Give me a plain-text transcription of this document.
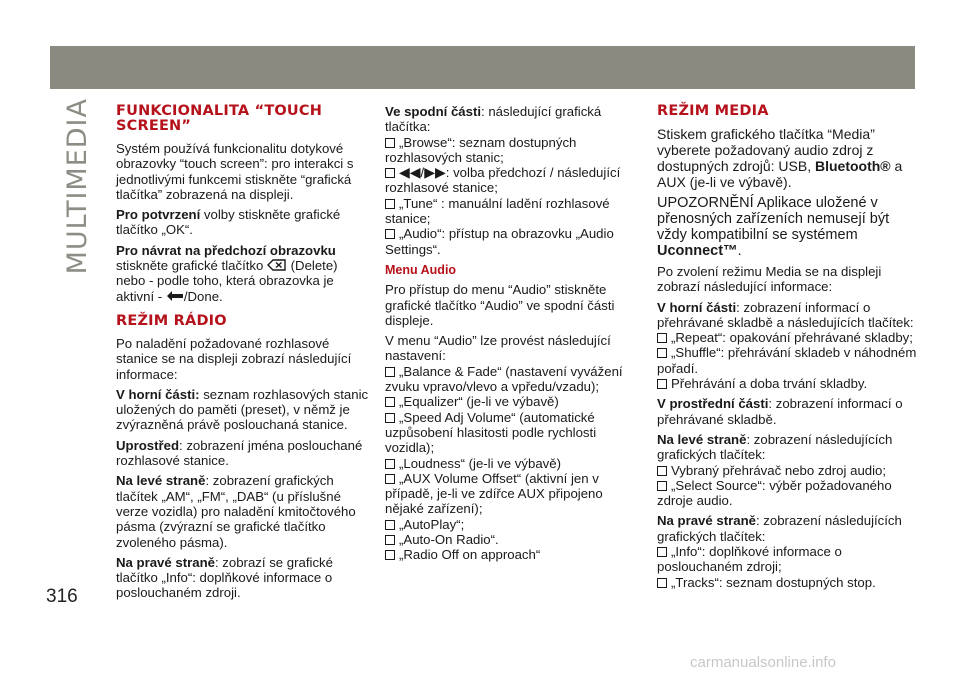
MULTIMEDIA FUNKCIONALITA “TOUCH SCREEN”

Systém používá funkcionalitu dotykové obrazovky “touch screen”: pro interakci s jednotlivými funkcemi stiskněte “grafická tlačítka” zobrazená na displeji.

Pro potvrzení volby stiskněte grafické tlačítko „OK“.

Pro návrat na předchozí obrazovku stiskněte grafické tlačítko  (Delete) nebo - podle toho, která obrazovka je aktivní - /Done.

REŽIM RÁDIO

Po naladění požadované rozhlasové stanice se na displeji zobrazí následující informace:

V horní části: seznam rozhlasových stanic uložených do paměti (preset), v němž je zvýrazněná právě poslouchaná stanice.

Uprostřed: zobrazení jména poslouchané rozhlasové stanice.

Na levé straně: zobrazení grafických tlačítek „AM“, „FM“, „DAB“ (u příslušné verze vozidla) pro naladění kmitočtového pásma (zvýrazní se grafické tlačítko zvoleného pásma).

Na pravé straně: zobrazí se grafické tlačítko „Info“: doplňkové informace o poslouchaném zdroji.

Ve spodní části: následující grafická tlačítka:

„Browse“: seznam dostupných rozhlasových stanic;
◀◀/▶▶: volba předchozí / následující rozhlasové stanice;
„Tune“ : manuální ladění rozhlasové stanice;
„Audio“: přístup na obrazovku „Audio Settings“.
Menu Audio

Pro přístup do menu “Audio” stiskněte grafické tlačítko “Audio” ve spodní části displeje.

V menu “Audio” lze provést následující nastavení:

„Balance & Fade“ (nastavení vyvážení zvuku vpravo/vlevo a vpředu/vzadu);
„Equalizer“ (je-li ve výbavě)
„Speed Adj Volume“ (automatické uzpůsobení hlasitosti podle rychlosti vozidla);
„Loudness“ (je-li ve výbavě)
„AUX Volume Offset“ (aktivní jen v případě, je-li ve zdířce AUX připojeno nějaké zařízení);
„AutoPlay“;
„Auto-On Radio“.
„Radio Off on approach“
REŽIM MEDIA

Stiskem grafického tlačítka “Media” vyberete požadovaný audio zdroj z dostupných zdrojů: USB, Bluetooth® a AUX (je-li ve výbavě).

UPOZORNĚNÍ Aplikace uložené v přenosných zařízeních nemusejí být vždy kompatibilní se systémem Uconnect™.

Po zvolení režimu Media se na displeji zobrazí následující informace:

V horní části: zobrazení informací o přehrávané skladbě a následujících tlačítek:

„Repeat“: opakování přehrávané skladby;
„Shuffle“: přehrávání skladeb v náhodném pořadí.
Přehrávání a doba trvání skladby.

V prostřední části: zobrazení informací o přehrávané skladbě.

Na levé straně: zobrazení následujících grafických tlačítek:

Vybraný přehrávač nebo zdroj audio;
„Select Source“: výběr požadovaného zdroje audio.

Na pravé straně: zobrazení následujících grafických tlačítek:

„Info“: doplňkové informace o poslouchaném zdroji;
„Tracks“: seznam dostupných stop.
316
carmanualsonline.info
